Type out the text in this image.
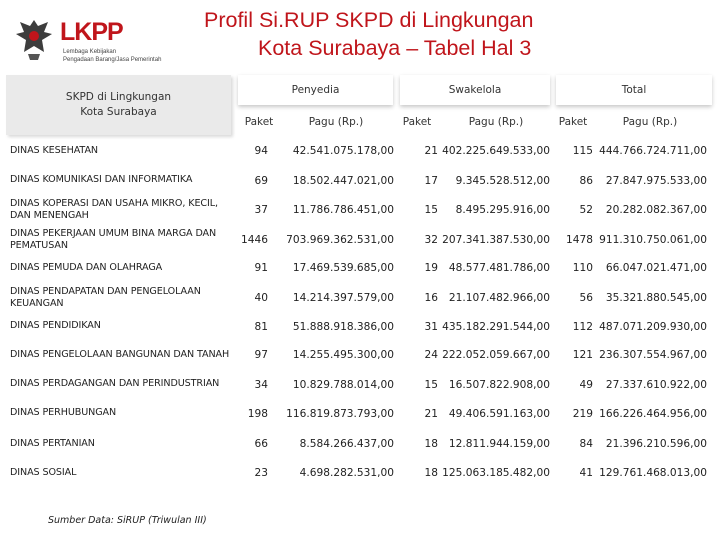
LKPP
Lembaga Kebijakan
Pengadaan Barang/Jasa Pemerintah
Profil Si.RUP SKPD di Lingkungan
Kota Surabaya – Tabel Hal 3
SKPD di Lingkungan
Kota Surabaya
Penyedia	Swakelola	Total
Paket	Pagu (Rp.)	Paket	Pagu (Rp.)	Paket	Pagu (Rp.)
DINAS KESEHATAN	94 42.541.075.178,00	21 402.225.649.533,00 115 444.766.724.711,00
DINAS KOMUNIKASI DAN INFORMATIKA	69 18.502.447.021,00	17 9.345.528.512,00	86 27.847.975.533,00
DINAS KOPERASI DAN USAHA MIKRO, KECIL, DAN MENENGAH	37 11.786.786.451,00	15 8.495.295.916,00	52 20.282.082.367,00
DINAS PEKERJAAN UMUM BINA MARGA DAN PEMATUSAN	1446 703.969.362.531,00	32 207.341.387.530,00 1478 911.310.750.061,00
DINAS PEMUDA DAN OLAHRAGA	91 17.469.539.685,00	19 48.577.481.786,00 110 66.047.021.471,00
DINAS PENDAPATAN DAN PENGELOLAAN KEUANGAN	40 14.214.397.579,00	16 21.107.482.966,00	56 35.321.880.545,00
DINAS PENDIDIKAN	81 51.888.918.386,00	31 435.182.291.544,00 112 487.071.209.930,00
DINAS PENGELOLAAN BANGUNAN DAN TANAH	97 14.255.495.300,00	24 222.052.059.667,00 121 236.307.554.967,00
DINAS PERDAGANGAN DAN PERINDUSTRIAN	34 10.829.788.014,00	15 16.507.822.908,00	49 27.337.610.922,00
DINAS PERHUBUNGAN	198 116.819.873.793,00	21 49.406.591.163,00 219 166.226.464.956,00
DINAS PERTANIAN	66	8.584.266.437,00	18 12.811.944.159,00	84 21.396.210.596,00
DINAS SOSIAL	23	4.698.282.531,00	18 125.063.185.482,00	41 129.761.468.013,00
Sumber Data: SiRUP (Triwulan III)
